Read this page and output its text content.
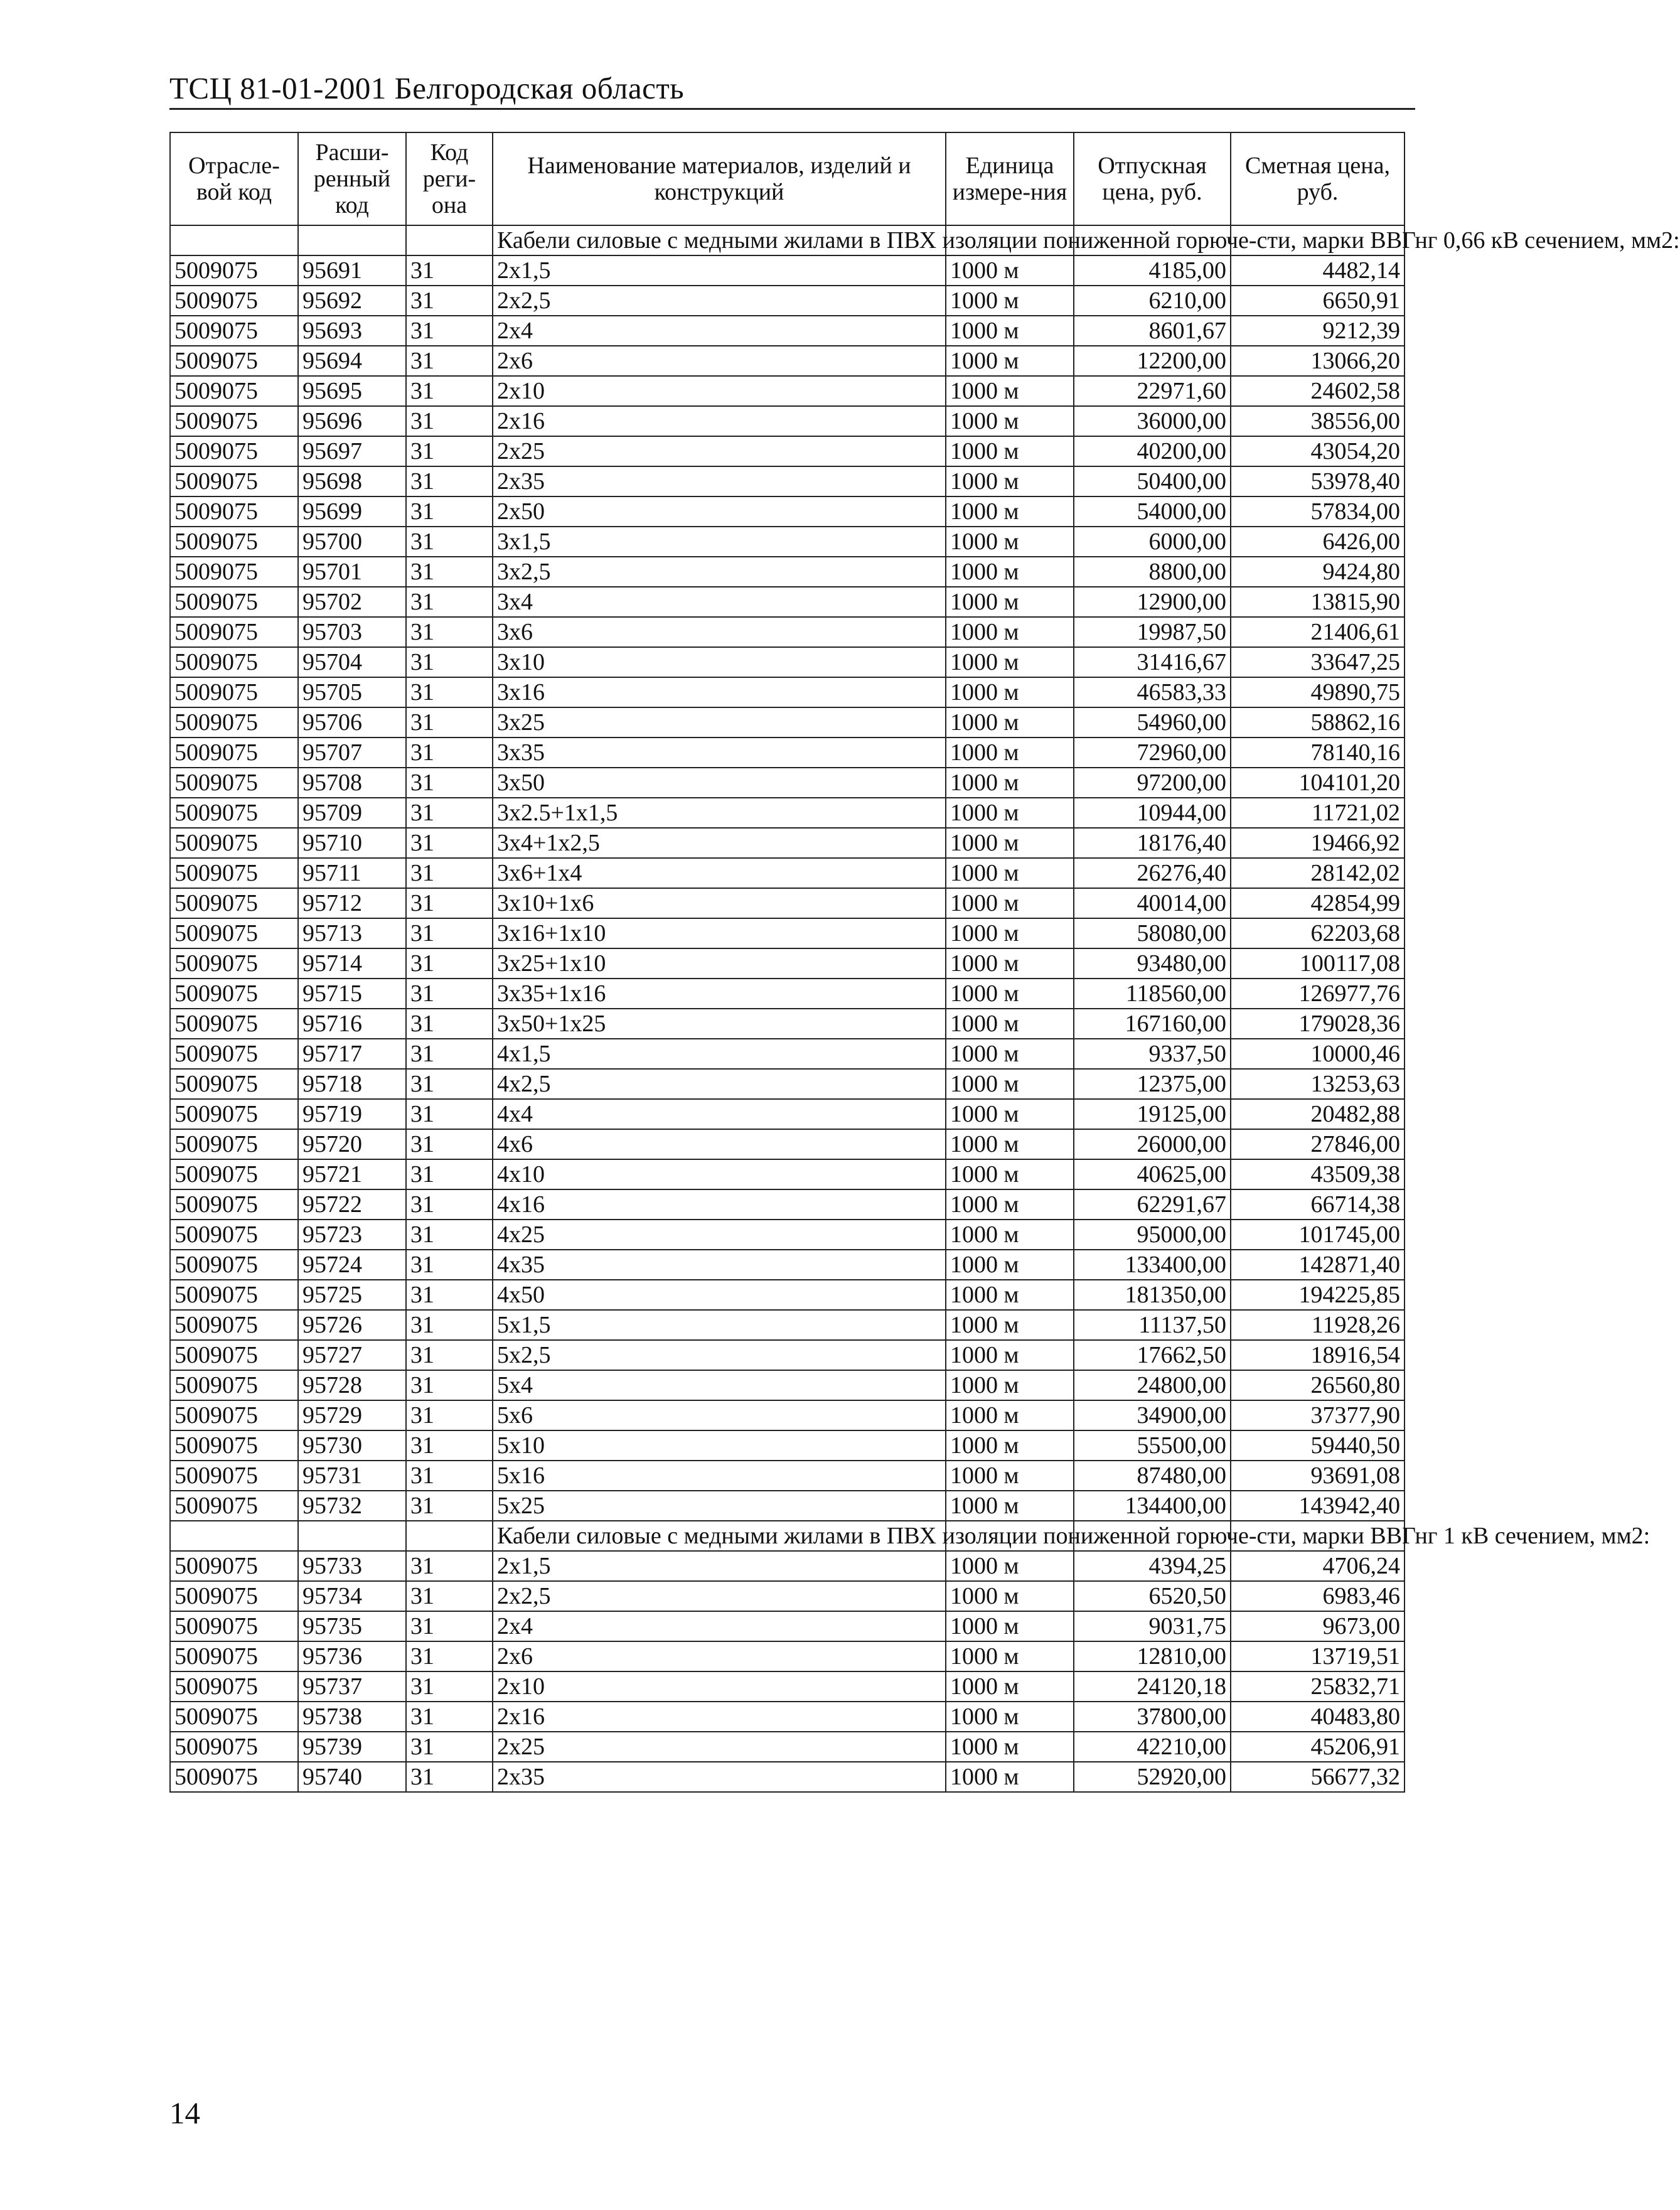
ТСЦ 81-01-2001 Белгородская область
Отрасле-вой код	Расши-ренный код	Код реги-она	Наименование материалов, изделий и конструкций	Единица измере-ния	Отпускная цена, руб.	Сметная цена, руб.
			Кабели силовые с медными жилами в ПВХ изоляции пониженной горюче-сти, марки ВВГнг 0,66 кВ сечением, мм2:			
5009075	95691	31	2x1,5	1000 м	4185,00	4482,14
5009075	95692	31	2x2,5	1000 м	6210,00	6650,91
5009075	95693	31	2x4	1000 м	8601,67	9212,39
5009075	95694	31	2x6	1000 м	12200,00	13066,20
5009075	95695	31	2x10	1000 м	22971,60	24602,58
5009075	95696	31	2x16	1000 м	36000,00	38556,00
5009075	95697	31	2x25	1000 м	40200,00	43054,20
5009075	95698	31	2x35	1000 м	50400,00	53978,40
5009075	95699	31	2x50	1000 м	54000,00	57834,00
5009075	95700	31	3x1,5	1000 м	6000,00	6426,00
5009075	95701	31	3x2,5	1000 м	8800,00	9424,80
5009075	95702	31	3x4	1000 м	12900,00	13815,90
5009075	95703	31	3x6	1000 м	19987,50	21406,61
5009075	95704	31	3x10	1000 м	31416,67	33647,25
5009075	95705	31	3x16	1000 м	46583,33	49890,75
5009075	95706	31	3x25	1000 м	54960,00	58862,16
5009075	95707	31	3x35	1000 м	72960,00	78140,16
5009075	95708	31	3x50	1000 м	97200,00	104101,20
5009075	95709	31	3x2.5+1x1,5	1000 м	10944,00	11721,02
5009075	95710	31	3x4+1x2,5	1000 м	18176,40	19466,92
5009075	95711	31	3x6+1x4	1000 м	26276,40	28142,02
5009075	95712	31	3x10+1x6	1000 м	40014,00	42854,99
5009075	95713	31	3x16+1x10	1000 м	58080,00	62203,68
5009075	95714	31	3x25+1x10	1000 м	93480,00	100117,08
5009075	95715	31	3x35+1x16	1000 м	118560,00	126977,76
5009075	95716	31	3x50+1x25	1000 м	167160,00	179028,36
5009075	95717	31	4x1,5	1000 м	9337,50	10000,46
5009075	95718	31	4x2,5	1000 м	12375,00	13253,63
5009075	95719	31	4x4	1000 м	19125,00	20482,88
5009075	95720	31	4x6	1000 м	26000,00	27846,00
5009075	95721	31	4x10	1000 м	40625,00	43509,38
5009075	95722	31	4x16	1000 м	62291,67	66714,38
5009075	95723	31	4x25	1000 м	95000,00	101745,00
5009075	95724	31	4x35	1000 м	133400,00	142871,40
5009075	95725	31	4x50	1000 м	181350,00	194225,85
5009075	95726	31	5x1,5	1000 м	11137,50	11928,26
5009075	95727	31	5x2,5	1000 м	17662,50	18916,54
5009075	95728	31	5x4	1000 м	24800,00	26560,80
5009075	95729	31	5x6	1000 м	34900,00	37377,90
5009075	95730	31	5x10	1000 м	55500,00	59440,50
5009075	95731	31	5x16	1000 м	87480,00	93691,08
5009075	95732	31	5x25	1000 м	134400,00	143942,40
			Кабели силовые с медными жилами в ПВХ изоляции пониженной горюче-сти, марки ВВГнг 1 кВ сечением, мм2:			
5009075	95733	31	2x1,5	1000 м	4394,25	4706,24
5009075	95734	31	2x2,5	1000 м	6520,50	6983,46
5009075	95735	31	2x4	1000 м	9031,75	9673,00
5009075	95736	31	2x6	1000 м	12810,00	13719,51
5009075	95737	31	2x10	1000 м	24120,18	25832,71
5009075	95738	31	2x16	1000 м	37800,00	40483,80
5009075	95739	31	2x25	1000 м	42210,00	45206,91
5009075	95740	31	2x35	1000 м	52920,00	56677,32
14
